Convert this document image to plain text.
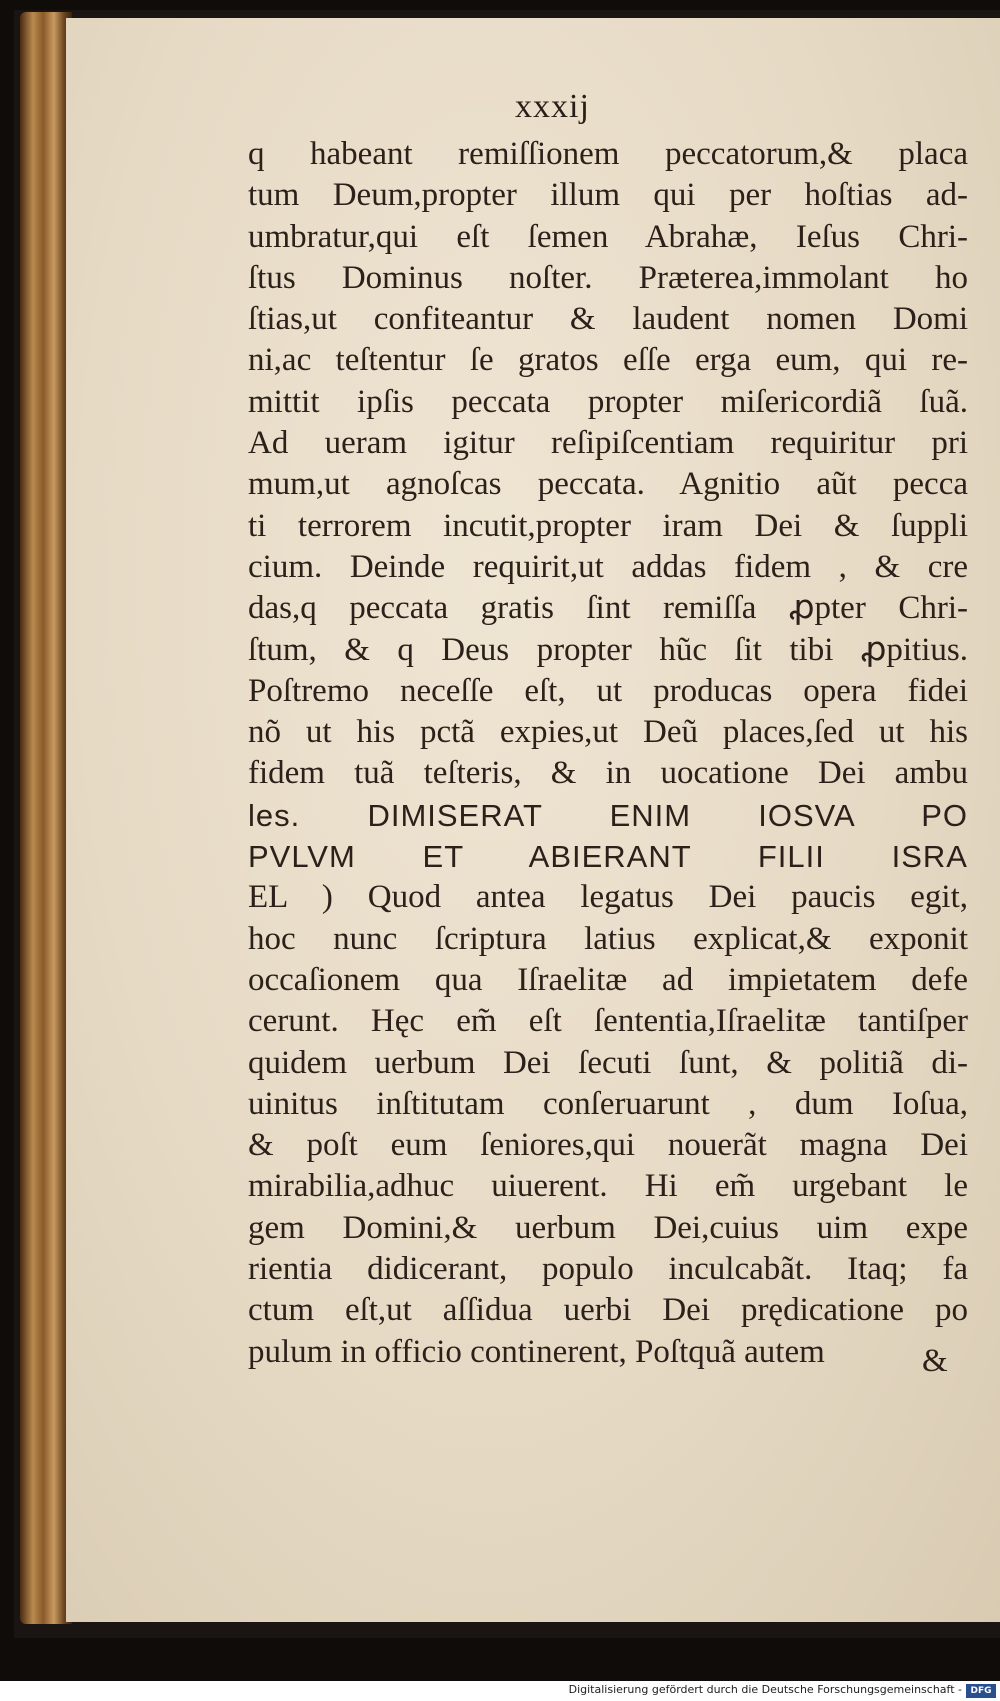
xxxij
q habeant remiſſionem peccatorum,& placa
tum Deum,propter illum qui per hoſtias ad-
umbratur,qui eſt ſemen Abrahæ, Ieſus Chri-
ſtus Dominus noſter. Præterea,immolant ho
ſtias,ut confiteantur & laudent nomen Domi
ni,ac teſtentur ſe gratos eſſe erga eum, qui re-
mittit ipſis peccata propter miſericordiã ſuã.
Ad ueram igitur reſipiſcentiam requiritur pri
mum,ut agnoſcas peccata. Agnitio aũt pecca
ti terrorem incutit,propter iram Dei & ſuppli
cium. Deinde requirit,ut addas fidem , & cre
das,q peccata gratis ſint remiſſa ꝓpter Chri-
ſtum, & q Deus propter hũc ſit tibi ꝓpitius.
Poſtremo neceſſe eſt, ut producas opera fidei
nõ ut his pctã expies,ut Deũ places,ſed ut his
fidem tuã teſteris, & in uocatione Dei ambu
les. DIMISERAT ENIM IOSVA PO
PVLVM ET ABIERANT FILII ISRA
EL ) Quod antea legatus Dei paucis egit,
hoc nunc ſcriptura latius explicat,& exponit
occaſionem qua Iſraelitæ ad impietatem defe
cerunt. Hęc em̃ eſt ſententia,Iſraelitæ tantiſper
quidem uerbum Dei ſecuti ſunt, & politiã di-
uinitus inſtitutam conſeruarunt , dum Ioſua,
& poſt eum ſeniores,qui nouerãt magna Dei
mirabilia,adhuc uiuerent. Hi em̃ urgebant le
gem Domini,& uerbum Dei,cuius uim expe
rientia didicerant, populo inculcabãt. Itaq; fa
ctum eſt,ut aſſidua uerbi Dei prędicatione po
pulum in officio continerent, Poſtquã autem	&
Digitalisierung gefördert durch die Deutsche Forschungsgemeinschaft - DFG
